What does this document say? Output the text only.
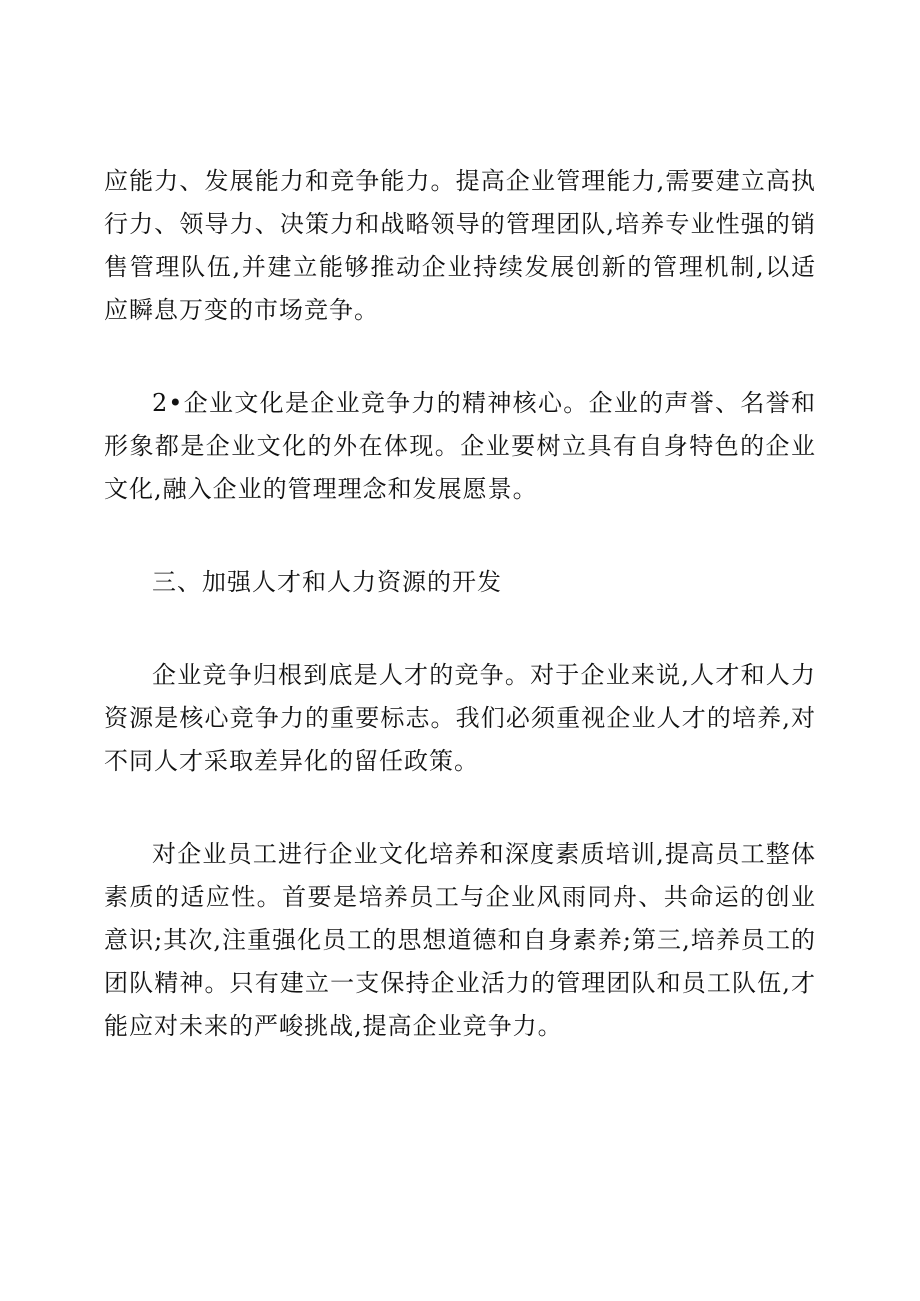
应能力、发展能力和竞争能力。提高企业管理能力,需要建立高执行力、领导力、决策力和战略领导的管理团队,培养专业性强的销售管理队伍,并建立能够推动企业持续发展创新的管理机制,以适应瞬息万变的市场竞争。

2•企业文化是企业竞争力的精神核心。企业的声誉、名誉和形象都是企业文化的外在体现。企业要树立具有自身特色的企业文化,融入企业的管理理念和发展愿景。

三、加强人才和人力资源的开发

企业竞争归根到底是人才的竞争。对于企业来说,人才和人力资源是核心竞争力的重要标志。我们必须重视企业人才的培养,对不同人才采取差异化的留任政策。

对企业员工进行企业文化培养和深度素质培训,提高员工整体素质的适应性。首要是培养员工与企业风雨同舟、共命运的创业意识;其次,注重强化员工的思想道德和自身素养;第三,培养员工的团队精神。只有建立一支保持企业活力的管理团队和员工队伍,才能应对未来的严峻挑战,提高企业竞争力。
